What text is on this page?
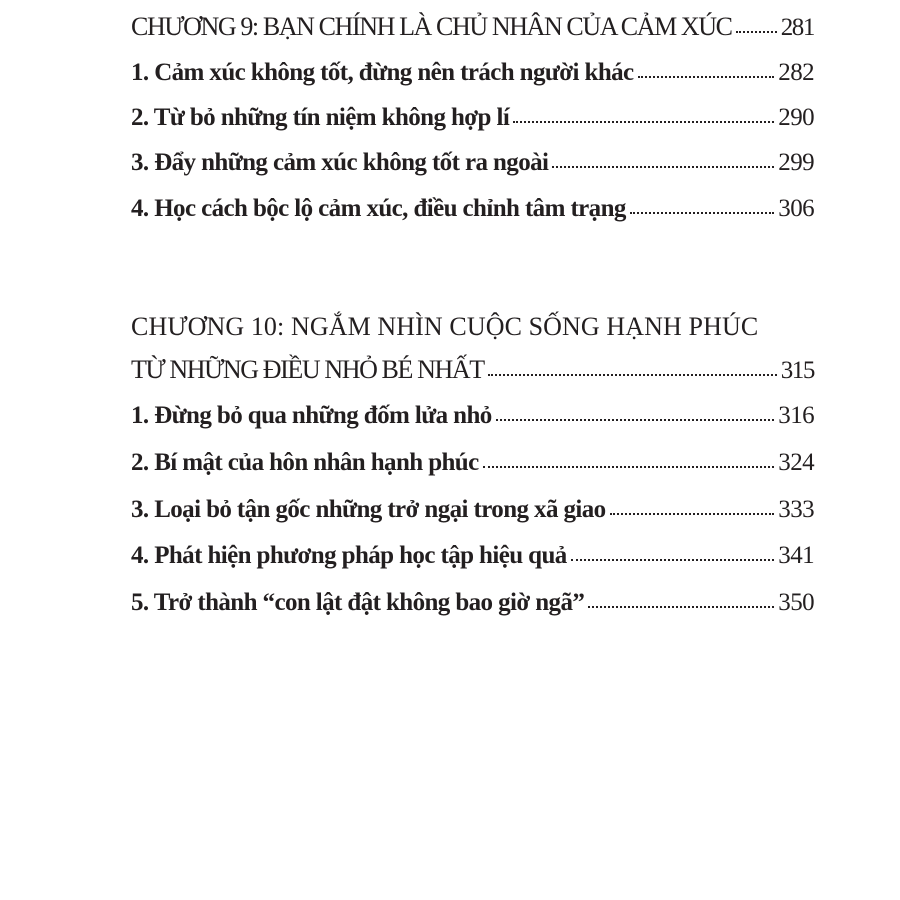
CHƯƠNG 9: BẠN CHÍNH LÀ CHỦ NHÂN CỦA CẢM XÚC 281
1. Cảm xúc không tốt, đừng nên trách người khác	282
2. Từ bỏ những tín niệm không hợp lí	290
3. Đẩy những cảm xúc không tốt ra ngoài	299
4. Học cách bộc lộ cảm xúc, điều chỉnh tâm trạng	306
CHƯƠNG 10: NGẮM NHÌN CUỘC SỐNG HẠNH PHÚC
TỪ NHỮNG ĐIỀU NHỎ BÉ NHẤT	315
1. Đừng bỏ qua những đốm lửa nhỏ	316
2. Bí mật của hôn nhân hạnh phúc	324
3. Loại bỏ tận gốc những trở ngại trong xã giao	333
4. Phát hiện phương pháp học tập hiệu quả	341
5. Trở thành “con lật đật không bao giờ ngã”	350
